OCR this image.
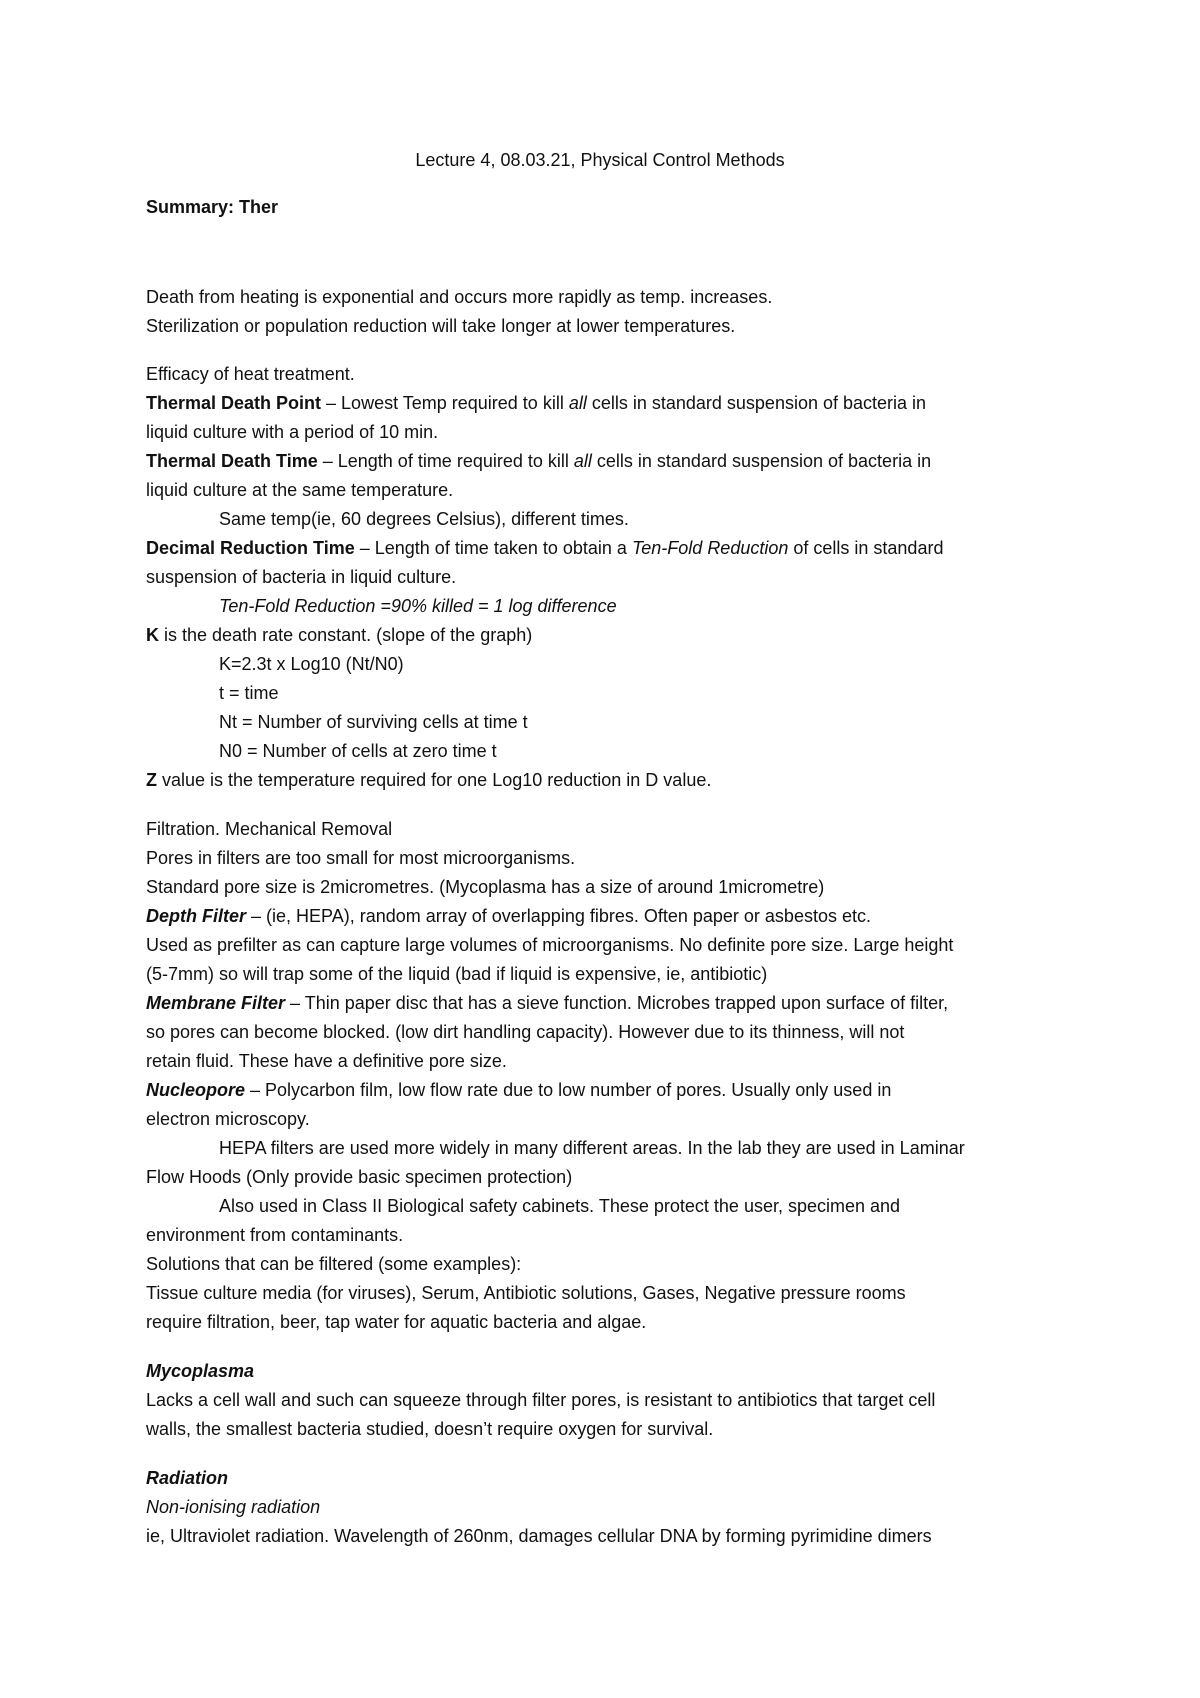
Lecture 4, 08.03.21, Physical Control Methods
Summary: Ther
Death from heating is exponential and occurs more rapidly as temp. increases.
Sterilization or population reduction will take longer at lower temperatures.
Efficacy of heat treatment.
Thermal Death Point – Lowest Temp required to kill all cells in standard suspension of bacteria in
liquid culture with a period of 10 min.
Thermal Death Time – Length of time required to kill all cells in standard suspension of bacteria in
liquid culture at the same temperature.
Same temp(ie, 60 degrees Celsius), different times.
Decimal Reduction Time – Length of time taken to obtain a Ten-Fold Reduction of cells in standard
suspension of bacteria in liquid culture.
Ten-Fold Reduction =90% killed = 1 log difference
K is the death rate constant. (slope of the graph)
K=2.3t x Log10 (Nt/N0)
t = time
Nt = Number of surviving cells at time t
N0 = Number of cells at zero time t
Z value is the temperature required for one Log10 reduction in D value.
Filtration. Mechanical Removal
Pores in filters are too small for most microorganisms.
Standard pore size is 2micrometres. (Mycoplasma has a size of around 1micrometre)
Depth Filter – (ie, HEPA), random array of overlapping fibres. Often paper or asbestos etc.
Used as prefilter as can capture large volumes of microorganisms. No definite pore size. Large height
(5-7mm) so will trap some of the liquid (bad if liquid is expensive, ie, antibiotic)
Membrane Filter – Thin paper disc that has a sieve function. Microbes trapped upon surface of filter,
so pores can become blocked. (low dirt handling capacity). However due to its thinness, will not
retain fluid. These have a definitive pore size.
Nucleopore – Polycarbon film, low flow rate due to low number of pores. Usually only used in
electron microscopy.
HEPA filters are used more widely in many different areas. In the lab they are used in Laminar
Flow Hoods (Only provide basic specimen protection)
Also used in Class II Biological safety cabinets. These protect the user, specimen and
environment from contaminants.
Solutions that can be filtered (some examples):
Tissue culture media (for viruses), Serum, Antibiotic solutions, Gases, Negative pressure rooms
require filtration, beer, tap water for aquatic bacteria and algae.
Mycoplasma
Lacks a cell wall and such can squeeze through filter pores, is resistant to antibiotics that target cell
walls, the smallest bacteria studied, doesn’t require oxygen for survival.
Radiation
Non-ionising radiation
ie, Ultraviolet radiation. Wavelength of 260nm, damages cellular DNA by forming pyrimidine dimers
